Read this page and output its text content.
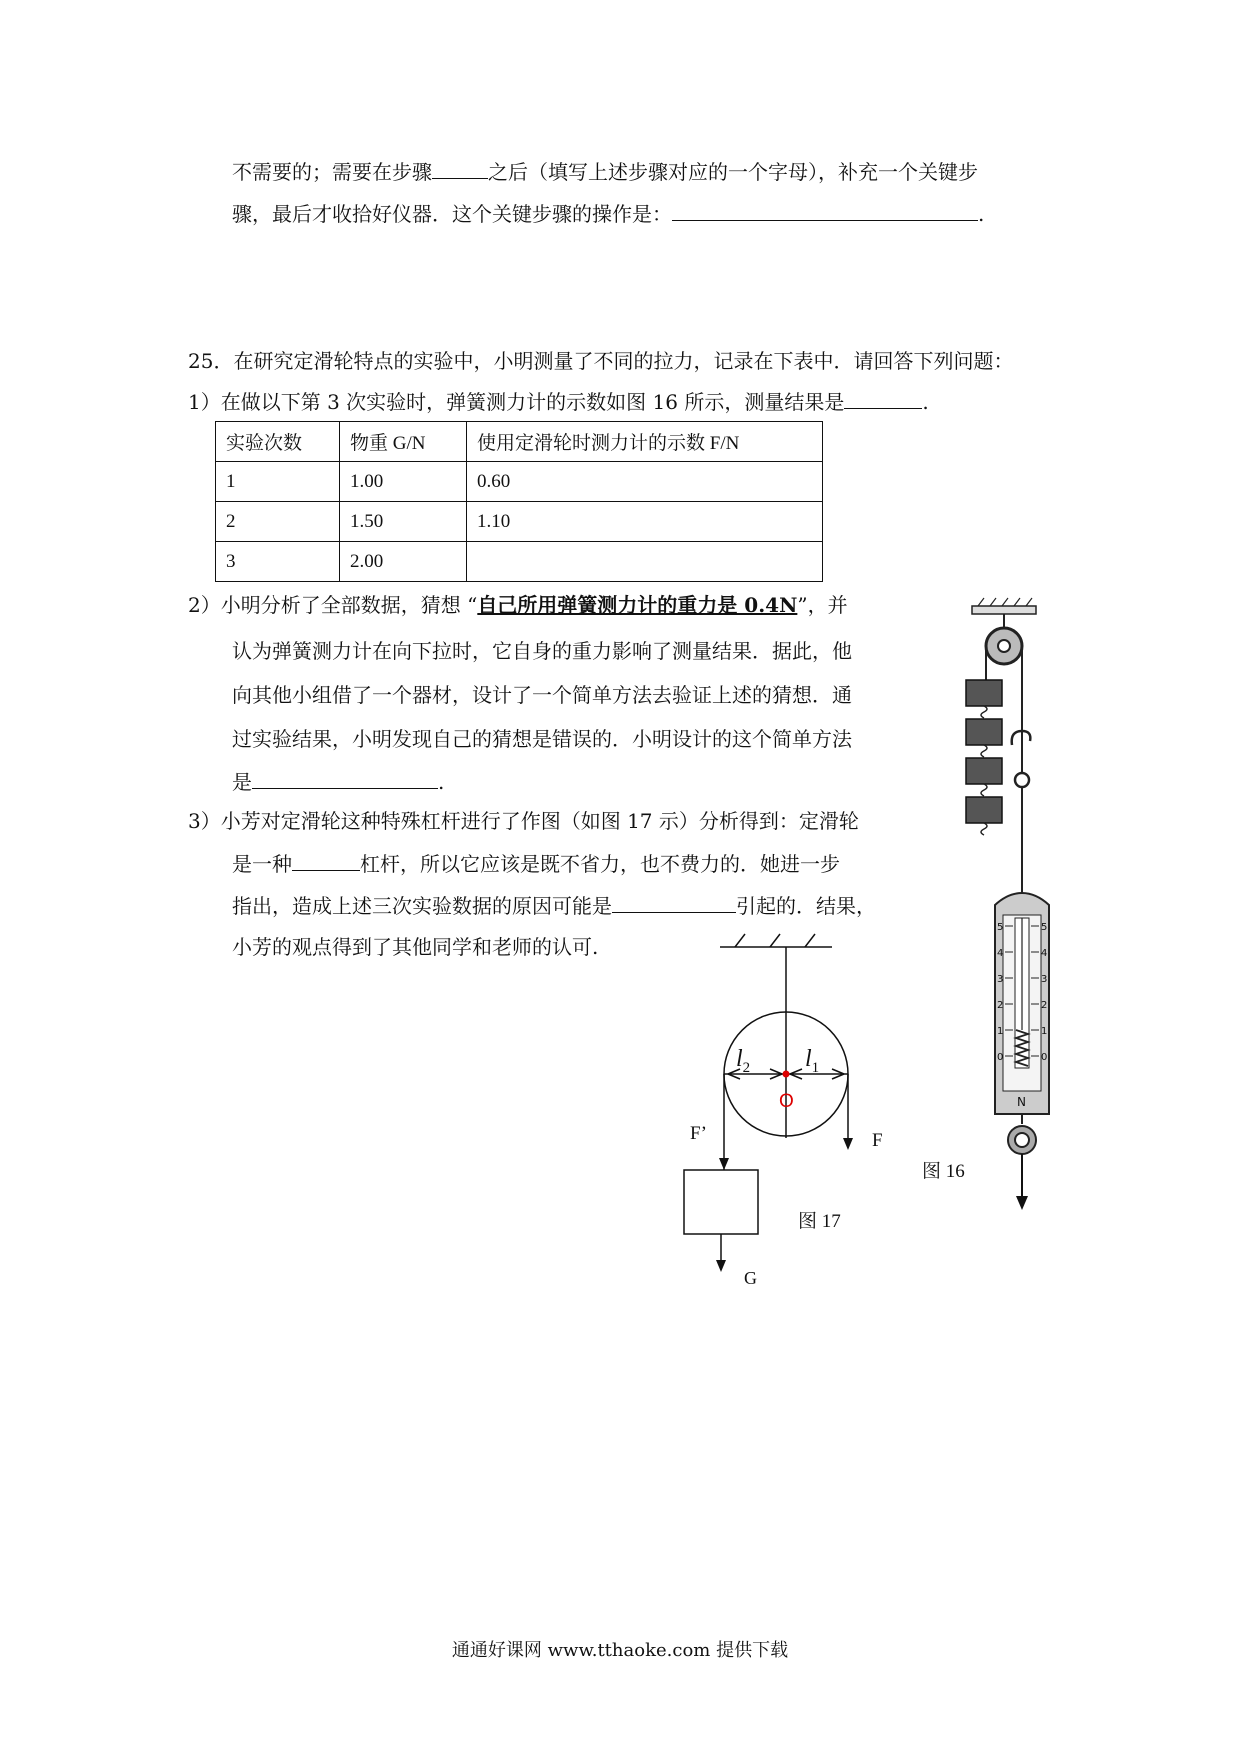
不需要的；需要在步骤	之后（填写上述步骤对应的一个字母），补充一个关键步
骤，最后才收拾好仪器．这个关键步骤的操作是：	.
25．在研究定滑轮特点的实验中，小明测量了不同的拉力，记录在下表中．请回答下列问题：
1）在做以下第 3 次实验时，弹簧测力计的示数如图 16 所示，测量结果是	.
实验次数	物重 G/N	使用定滑轮时测力计的示数 F/N
1	1.00	0.60
2	1.50	1.10
3	2.00	
2）小明分析了全部数据，猜想 “自己所用弹簧测力计的重力是 0.4N”，并
认为弹簧测力计在向下拉时，它自身的重力影响了测量结果．据此，他
向其他小组借了一个器材，设计了一个简单方法去验证上述的猜想．通
过实验结果，小明发现自己的猜想是错误的．小明设计的这个简单方法
是	.
3）小芳对定滑轮这种特殊杠杆进行了作图（如图 17 示）分析得到：定滑轮
是一种	杠杆，所以它应该是既不省力，也不费力的．她进一步
指出，造成上述三次实验数据的原因可能是	引起的．结果，
小芳的观点得到了其他同学和老师的认可.
$l_2$ $l_1$
O
F’	F
G
图 17
5
4
3
2
1
0
5
4
3
2
1
0
N
图 16
通通好课网 www.tthaoke.com 提供下载
